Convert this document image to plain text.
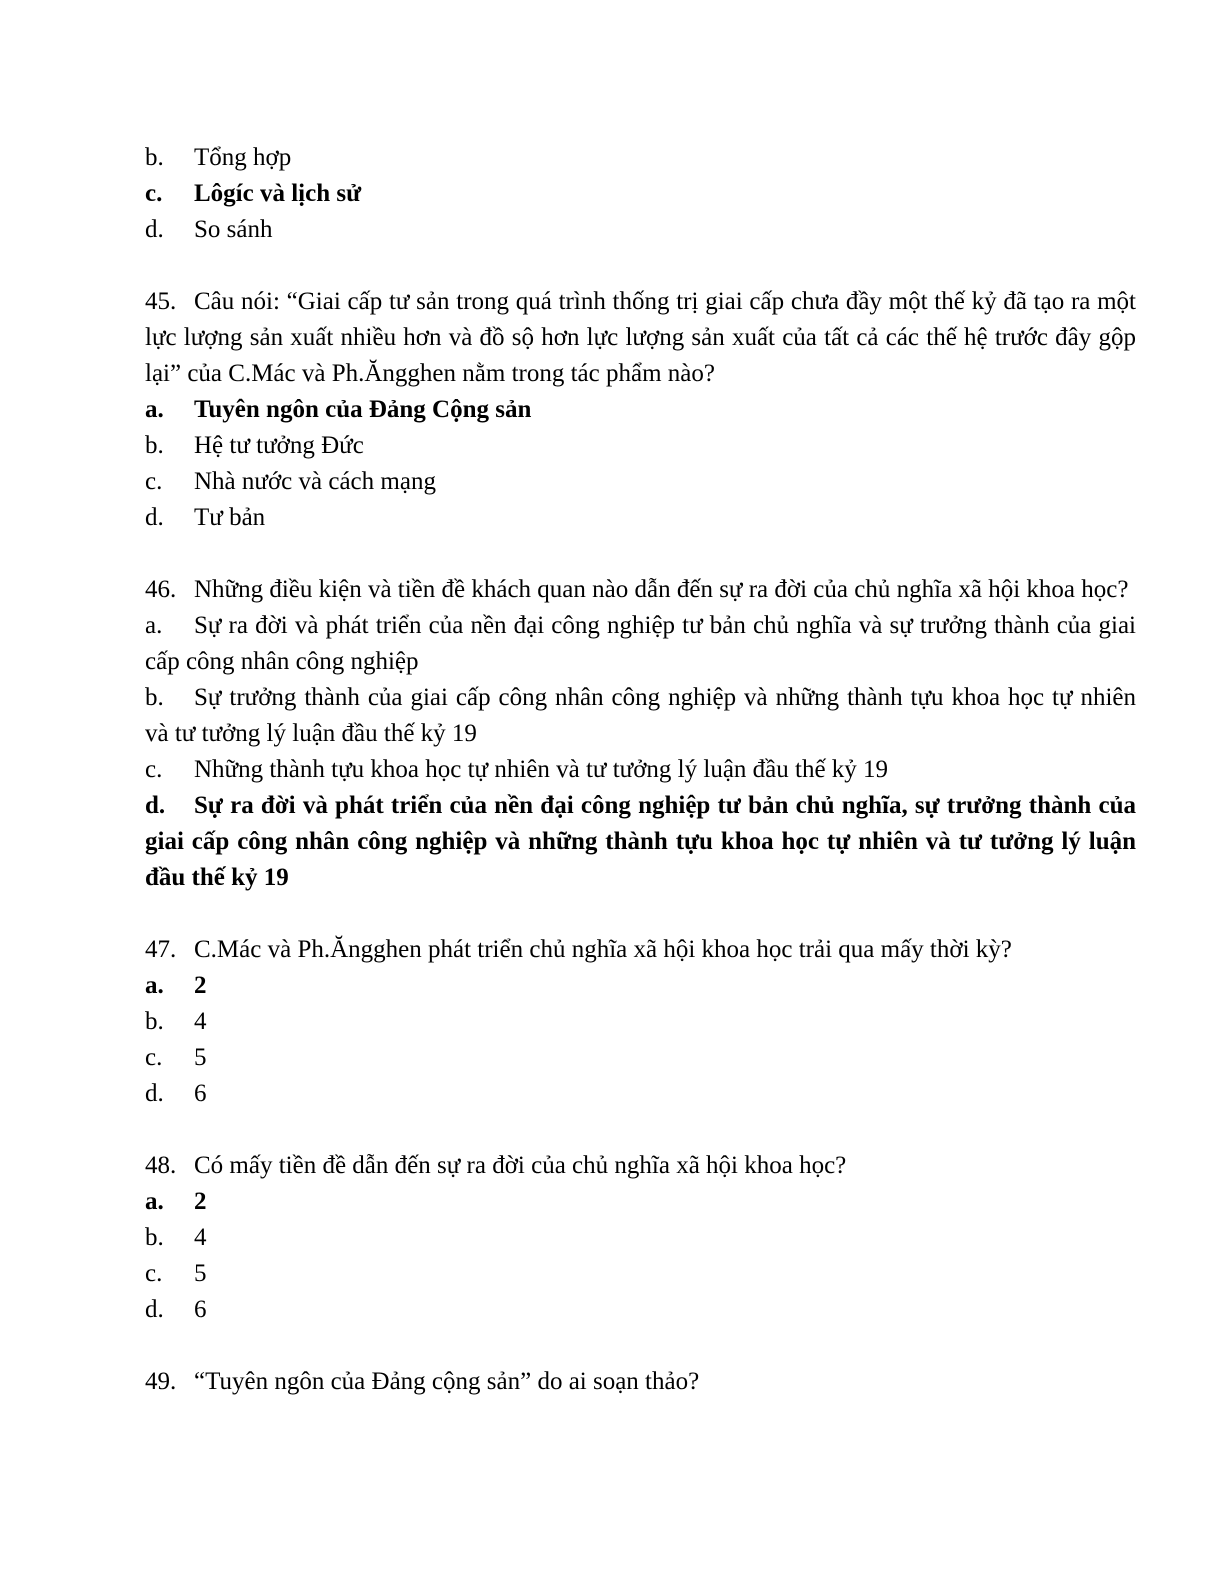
b. Tổng hợp

c. Lôgíc và lịch sử

d. So sánh

45. Câu nói: “Giai cấp tư sản trong quá trình thống trị giai cấp chưa đầy một thế kỷ đã tạo ra một lực lượng sản xuất nhiều hơn và đồ sộ hơn lực lượng sản xuất của tất cả các thế hệ trước đây gộp lại” của C.Mác và Ph.Ăngghen nằm trong tác phẩm nào?

a. Tuyên ngôn của Đảng Cộng sản

b. Hệ tư tưởng Đức

c. Nhà nước và cách mạng

d. Tư bản

46. Những điều kiện và tiền đề khách quan nào dẫn đến sự ra đời của chủ nghĩa xã hội khoa học?

a. Sự ra đời và phát triển của nền đại công nghiệp tư bản chủ nghĩa và sự trưởng thành của giai cấp công nhân công nghiệp

b. Sự trưởng thành của giai cấp công nhân công nghiệp và những thành tựu khoa học tự nhiên và tư tưởng lý luận đầu thế kỷ 19

c. Những thành tựu khoa học tự nhiên và tư tưởng lý luận đầu thế kỷ 19

d. Sự ra đời và phát triển của nền đại công nghiệp tư bản chủ nghĩa, sự trưởng thành của giai cấp công nhân công nghiệp và những thành tựu khoa học tự nhiên và tư tưởng lý luận đầu thế kỷ 19

47. C.Mác và Ph.Ăngghen phát triển chủ nghĩa xã hội khoa học trải qua mấy thời kỳ?

a. 2

b. 4

c. 5

d. 6

48. Có mấy tiền đề dẫn đến sự ra đời của chủ nghĩa xã hội khoa học?

a. 2

b. 4

c. 5

d. 6

49. “Tuyên ngôn của Đảng cộng sản” do ai soạn thảo?
